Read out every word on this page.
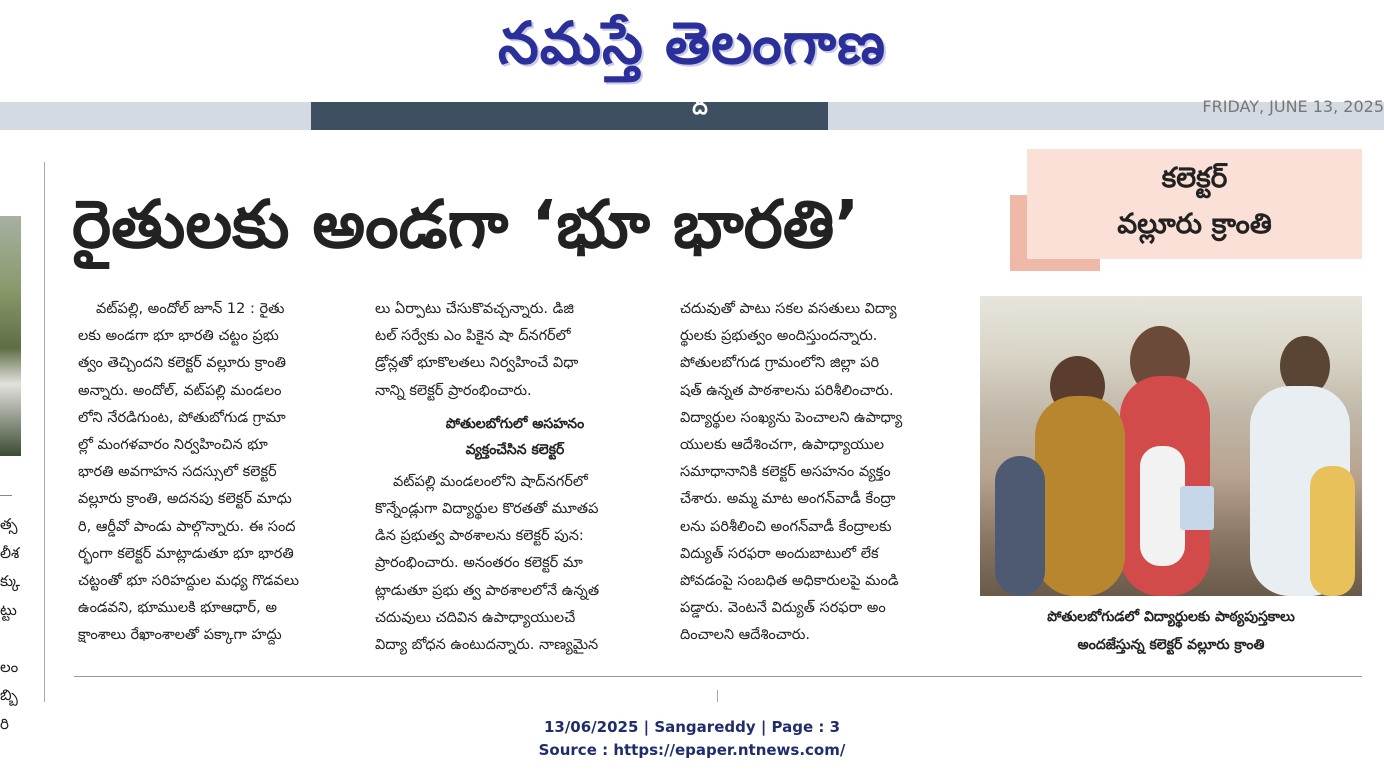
నమస్తే తెలంగాణ
ద	FRIDAY, JUNE 13, 2025
త్స
లీశ
క్కు
ట్టు
లం
బ్బి
రి
రైతులకు అండగా ‘భూ భారతి’
కలెక్టర్
వల్లూరు క్రాంతి
వట్‌పల్లి, అందోల్ జూన్ 12 : రైతు
లకు అండగా భూ భారతి చట్టం ప్రభు
త్వం తెచ్చిందని కలెక్టర్ వల్లూరు క్రాంతి
అన్నారు. అందోల్, వట్‌పల్లి మండలం
లోని నేరడిగుంట, పోతుబోగుడ గ్రామా
ల్లో మంగళవారం నిర్వహించిన భూ
భారతి అవగాహన సదస్సులో కలెక్టర్
వల్లూరు క్రాంతి, అదనపు కలెక్టర్ మాధు
రి, ఆర్డీవో పాండు పాల్గొన్నారు. ఈ సంద
ర్భంగా కలెక్టర్ మాట్లాడుతూ భూ భారతి
చట్టంతో భూ సరిహద్దుల మధ్య గొడవలు
ఉండవని, భూములకి భూఆధార్, అ
క్షాంశాలు రేఖాంశాలతో పక్కాగా హద్దు
లు ఏర్పాటు చేసుకొవచ్చన్నారు. డిజి
టల్ సర్వేకు ఎం పికైన షా ద్‌నగర్‌లో
డ్రోన్లతో భూకొలతలు నిర్వహించే విధా
నాన్ని కలెక్టర్ ప్రారంభించారు.
పోతులబోగులో అసహనం
వ్యక్తంచేసిన కలెక్టర్
వట్‌పల్లి మండలంలోని షాద్‌నగర్‌లో
కొన్నేండ్లుగా విద్యార్థుల కొరతతో మూతప
డిన ప్రభుత్వ పాఠశాలను కలెక్టర్ పున:
ప్రారంభించారు. అనంతరం కలెక్టర్ మా
ట్లాడుతూ ప్రభు త్వ పాఠశాలలోనే ఉన్నత
చదువులు చదివిన ఉపాధ్యాయులచే
విద్యా బోధన ఉంటుదన్నారు. నాణ్యమైన
చదువుతో పాటు సకల వసతులు విద్యా
ర్థులకు ప్రభుత్వం అందిస్తుందన్నారు.
పోతులబోగుడ గ్రామంలోని జిల్లా పరి
షత్ ఉన్నత పాఠశాలను పరిశీలించారు.
విద్యార్థుల సంఖ్యను పెంచాలని ఉపాధ్యా
యులకు ఆదేశించగా, ఉపాధ్యాయుల
సమాధానానికి కలెక్టర్ అసహనం వ్యక్తం
చేశారు. అమ్మ మాట అంగన్‌వాడీ కేంద్రా
లను పరిశీలించి అంగన్‌వాడీ కేంద్రాలకు
విద్యుత్ సరఫరా అందుబాటులో లేక
పోవడంపై సంబధిత అధికారులపై మండి
పడ్డారు. వెంటనే విద్యుత్ సరఫరా అం
దించాలని ఆదేశించారు.
పోతులబోగుడలో విద్యార్థులకు పాఠ్యపుస్తకాలు
అందజేస్తున్న కలెక్టర్ వల్లూరు క్రాంతి
13/06/2025 | Sangareddy | Page : 3
Source : https://epaper.ntnews.com/
